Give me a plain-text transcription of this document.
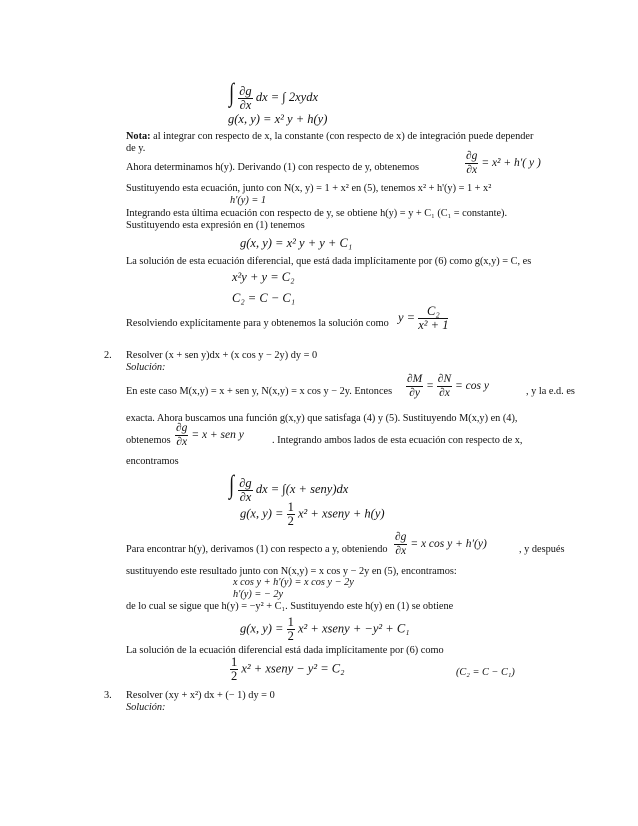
∫ $\frac{\partial g}{\partial x}$ dx = ∫ 2xydx
g(x, y) = x² y + h(y)
Nota: al integrar con respecto de x, la constante (con respecto de x) de integración puede depender
de y.
Ahora determinamos h(y). Derivando (1) con respecto de y, obtenemos	$\frac{\partial g}{\partial x} = x^2 + h'$( y )
Sustituyendo esta ecuación, junto con N(x, y) = 1 + x² en (5), tenemos x² + h'(y) = 1 + x²
h'(y) = 1
Integrando esta última ecuación con respecto de y, se obtiene h(y) = y + C₁ (C₁ = constante).
Sustituyendo esta expresión en (1) tenemos
g(x, y) = x² y + y + C₁
La solución de esta ecuación diferencial, que está dada implícitamente por (6) como g(x,y) = C, es
x²y + y = C₂
C₂ = C − C₁
Resolviendo explícitamente para y obtenemos la solución como $y = \frac{\text{C₂}}{\text{x² + 1}}$
2. Resolver (x + sen y)dx + (x cos y − 2y) dy = 0
Solución:
En este caso M(x,y) = x + sen y, N(x,y) = x cos y − 2y. Entonces $\frac{\partial M}{\partial y} = \frac{\partial N}{\partial x} = \cos y$	, y la e.d. es
exacta. Ahora buscamos una función g(x,y) que satisfaga (4) y (5). Sustituyendo M(x,y) en (4),
obtenemos $\frac{\partial g}{\partial x} = x$ + sen y	. Integrando ambos lados de esta ecuación con respecto de x,
encontramos
∫ $\frac{\partial g}{\partial x}$ dx = ∫(x + seny)dx
g(x, $y) = \frac{1}{2} x^2$ + xseny + h(y)
Para encontrar h(y), derivamos (1) con respecto a y, obteniendo $\frac{\partial g}{\partial x} = x$ cos y + h′(y)	, y después
sustituyendo este resultado junto con N(x,y) = x cos y − 2y en (5), encontramos:
x cos y + h'(y) = x cos y − 2y
h'(y) = − 2y
de lo cual se sigue que h(y) = −y² + C₁. Sustituyendo este h(y) en (1) se obtiene
g(x, $y) = \frac{1}{2} x^2$ + xseny + −y² + C₁
La solución de la ecuación diferencial está dada implícitamente por (6) como
$\frac{1}{2} x^2$ + xseny − y² = C₂	(C₂ = C − C₁)
3. Resolver (xy + x²) dx + (− 1) dy = 0
Solución:
